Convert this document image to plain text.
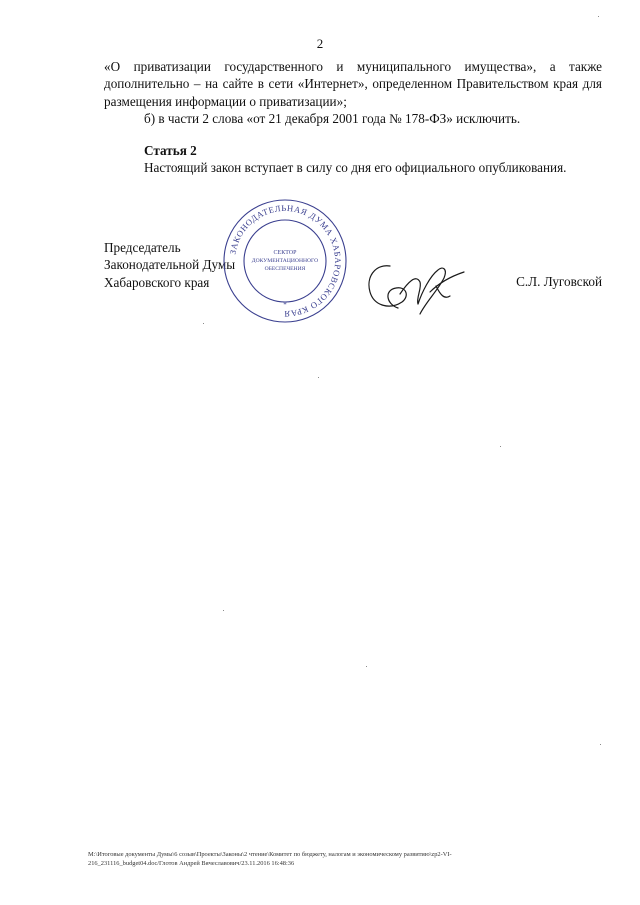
2

«О приватизации государственного и муниципального имущества», а также дополнительно – на сайте в сети «Интернет», определенном Правительством края для размещения информации о приватизации»;

б) в части 2 слова «от 21 декабря 2001 года № 178-ФЗ» исключить.

Статья 2

Настоящий закон вступает в силу со дня его официального опубликования.

Председатель
Законодательной Думы
Хабаровского края
ЗАКОНОДАТЕЛЬНАЯ ДУМА ХАБАРОВСКОГО КРАЯ
СЕКТОР
ДОКУМЕНТАЦИОННОГО
ОБЕСПЕЧЕНИЯ
*
С.Л. Луговской

M:\Итоговые документы Думы\6 созыв\Проекты\Законы\2 чтение\Комитет по бюджету, налогам и экономическому развитию\zp2-VI-

216_231116_budget04.doc/Глотов Андрей Вячеславович/23.11.2016 16:48:36
